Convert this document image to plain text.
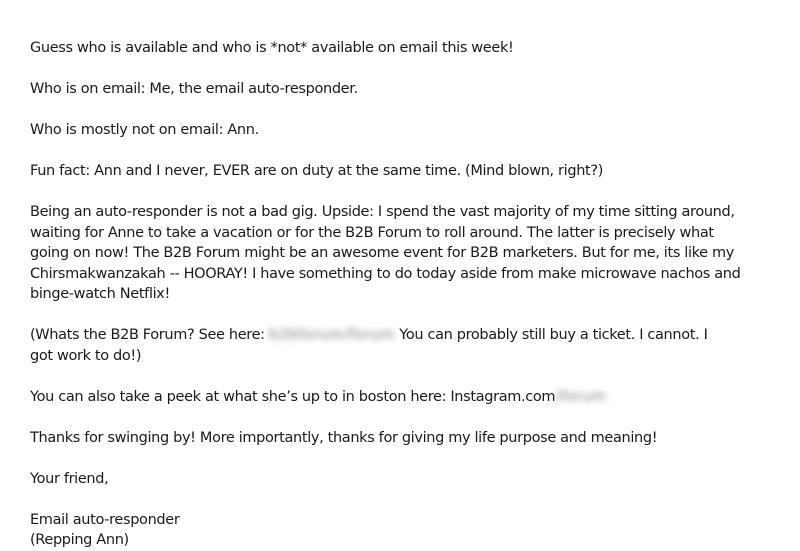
Guess who is available and who is *not* available on email this week!

Who is on email: Me, the email auto-responder.

Who is mostly not on email: Ann.

Fun fact: Ann and I never, EVER are on duty at the same time. (Mind blown, right?)

Being an auto-responder is not a bad gig. Upside: I spend the vast majority of my time sitting around,
waiting for Anne to take a vacation or for the B2B Forum to roll around. The latter is precisely what
going on now! The B2B Forum might be an awesome event for B2B marketers. But for me, its like my
Chirsmakwanzakah -- HOORAY! I have something to do today aside from make microwave nachos and
binge-watch Netflix!

(Whats the B2B Forum? See here: b2bforum/forum You can probably still buy a ticket. I cannot. I
got work to do!)

You can also take a peek at what she’s up to in boston here: Instagram.com/forum

Thanks for swinging by! More importantly, thanks for giving my life purpose and meaning!

Your friend,

Email auto-responder
(Repping Ann)
